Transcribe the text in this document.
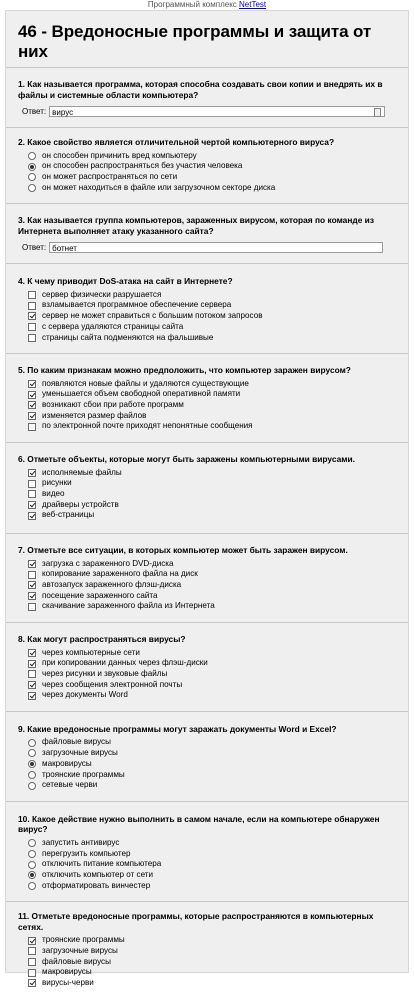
Программный комплекс NetTest
46 - Вредоносные программы и защита от них
1. Как называется программа, которая способна создавать свои копии и внедрять их в файлы и системные области компьютера?
Ответ: вирус
2. Какое свойство является отличительной чертой компьютерного вируса?
он способен причинить вред компьютеру
он способен распространяться без участия человека
он может распространяться по сети
он может находиться в файле или загрузочном секторе диска
3. Как называется группа компьютеров, зараженных вирусом, которая по команде из Интернета выполняет атаку указанного сайта?
Ответ: ботнет
4. К чему приводит DoS-атака на сайт в Интернете?
сервер физически разрушается
взламывается программное обеспечение сервера
сервер не может справиться с большим потоком запросов
с сервера удаляются страницы сайта
страницы сайта подменяются на фальшивые
5. По каким признакам можно предположить, что компьютер заражен вирусом?
появляются новые файлы и удаляются существующие
уменьшается объем свободной оперативной памяти
возникают сбои при работе программ
изменяется размер файлов
по электронной почте приходят непонятные сообщения
6. Отметьте объекты, которые могут быть заражены компьютерными вирусами.
исполняемые файлы
рисунки
видео
драйверы устройств
веб-страницы
7. Отметьте все ситуации, в которых компьютер может быть заражен вирусом.
загрузка с зараженного DVD-диска
копирование зараженного файла на диск
автозапуск зараженного флэш-диска
посещение зараженного сайта
скачивание зараженного файла из Интернета
8. Как могут распространяться вирусы?
через компьютерные сети
при копировании данных через флэш-диски
через рисунки и звуковые файлы
через сообщения электронной почты
через документы Word
9. Какие вредоносные программы могут заражать документы Word и Excel?
файловые вирусы
загрузочные вирусы
макровирусы
троянские программы
сетевые черви
10. Какое действие нужно выполнить в самом начале, если на компьютере обнаружен вирус?
запустить антивирус
перегрузить компьютер
отключить питание компьютера
отключить компьютер от сети
отформатировать винчестер
11. Отметьте вредоносные программы, которые распространяются в компьютерных сетях.
троянские программы
загрузочные вирусы
файловые вирусы
макровирусы
вирусы-черви
